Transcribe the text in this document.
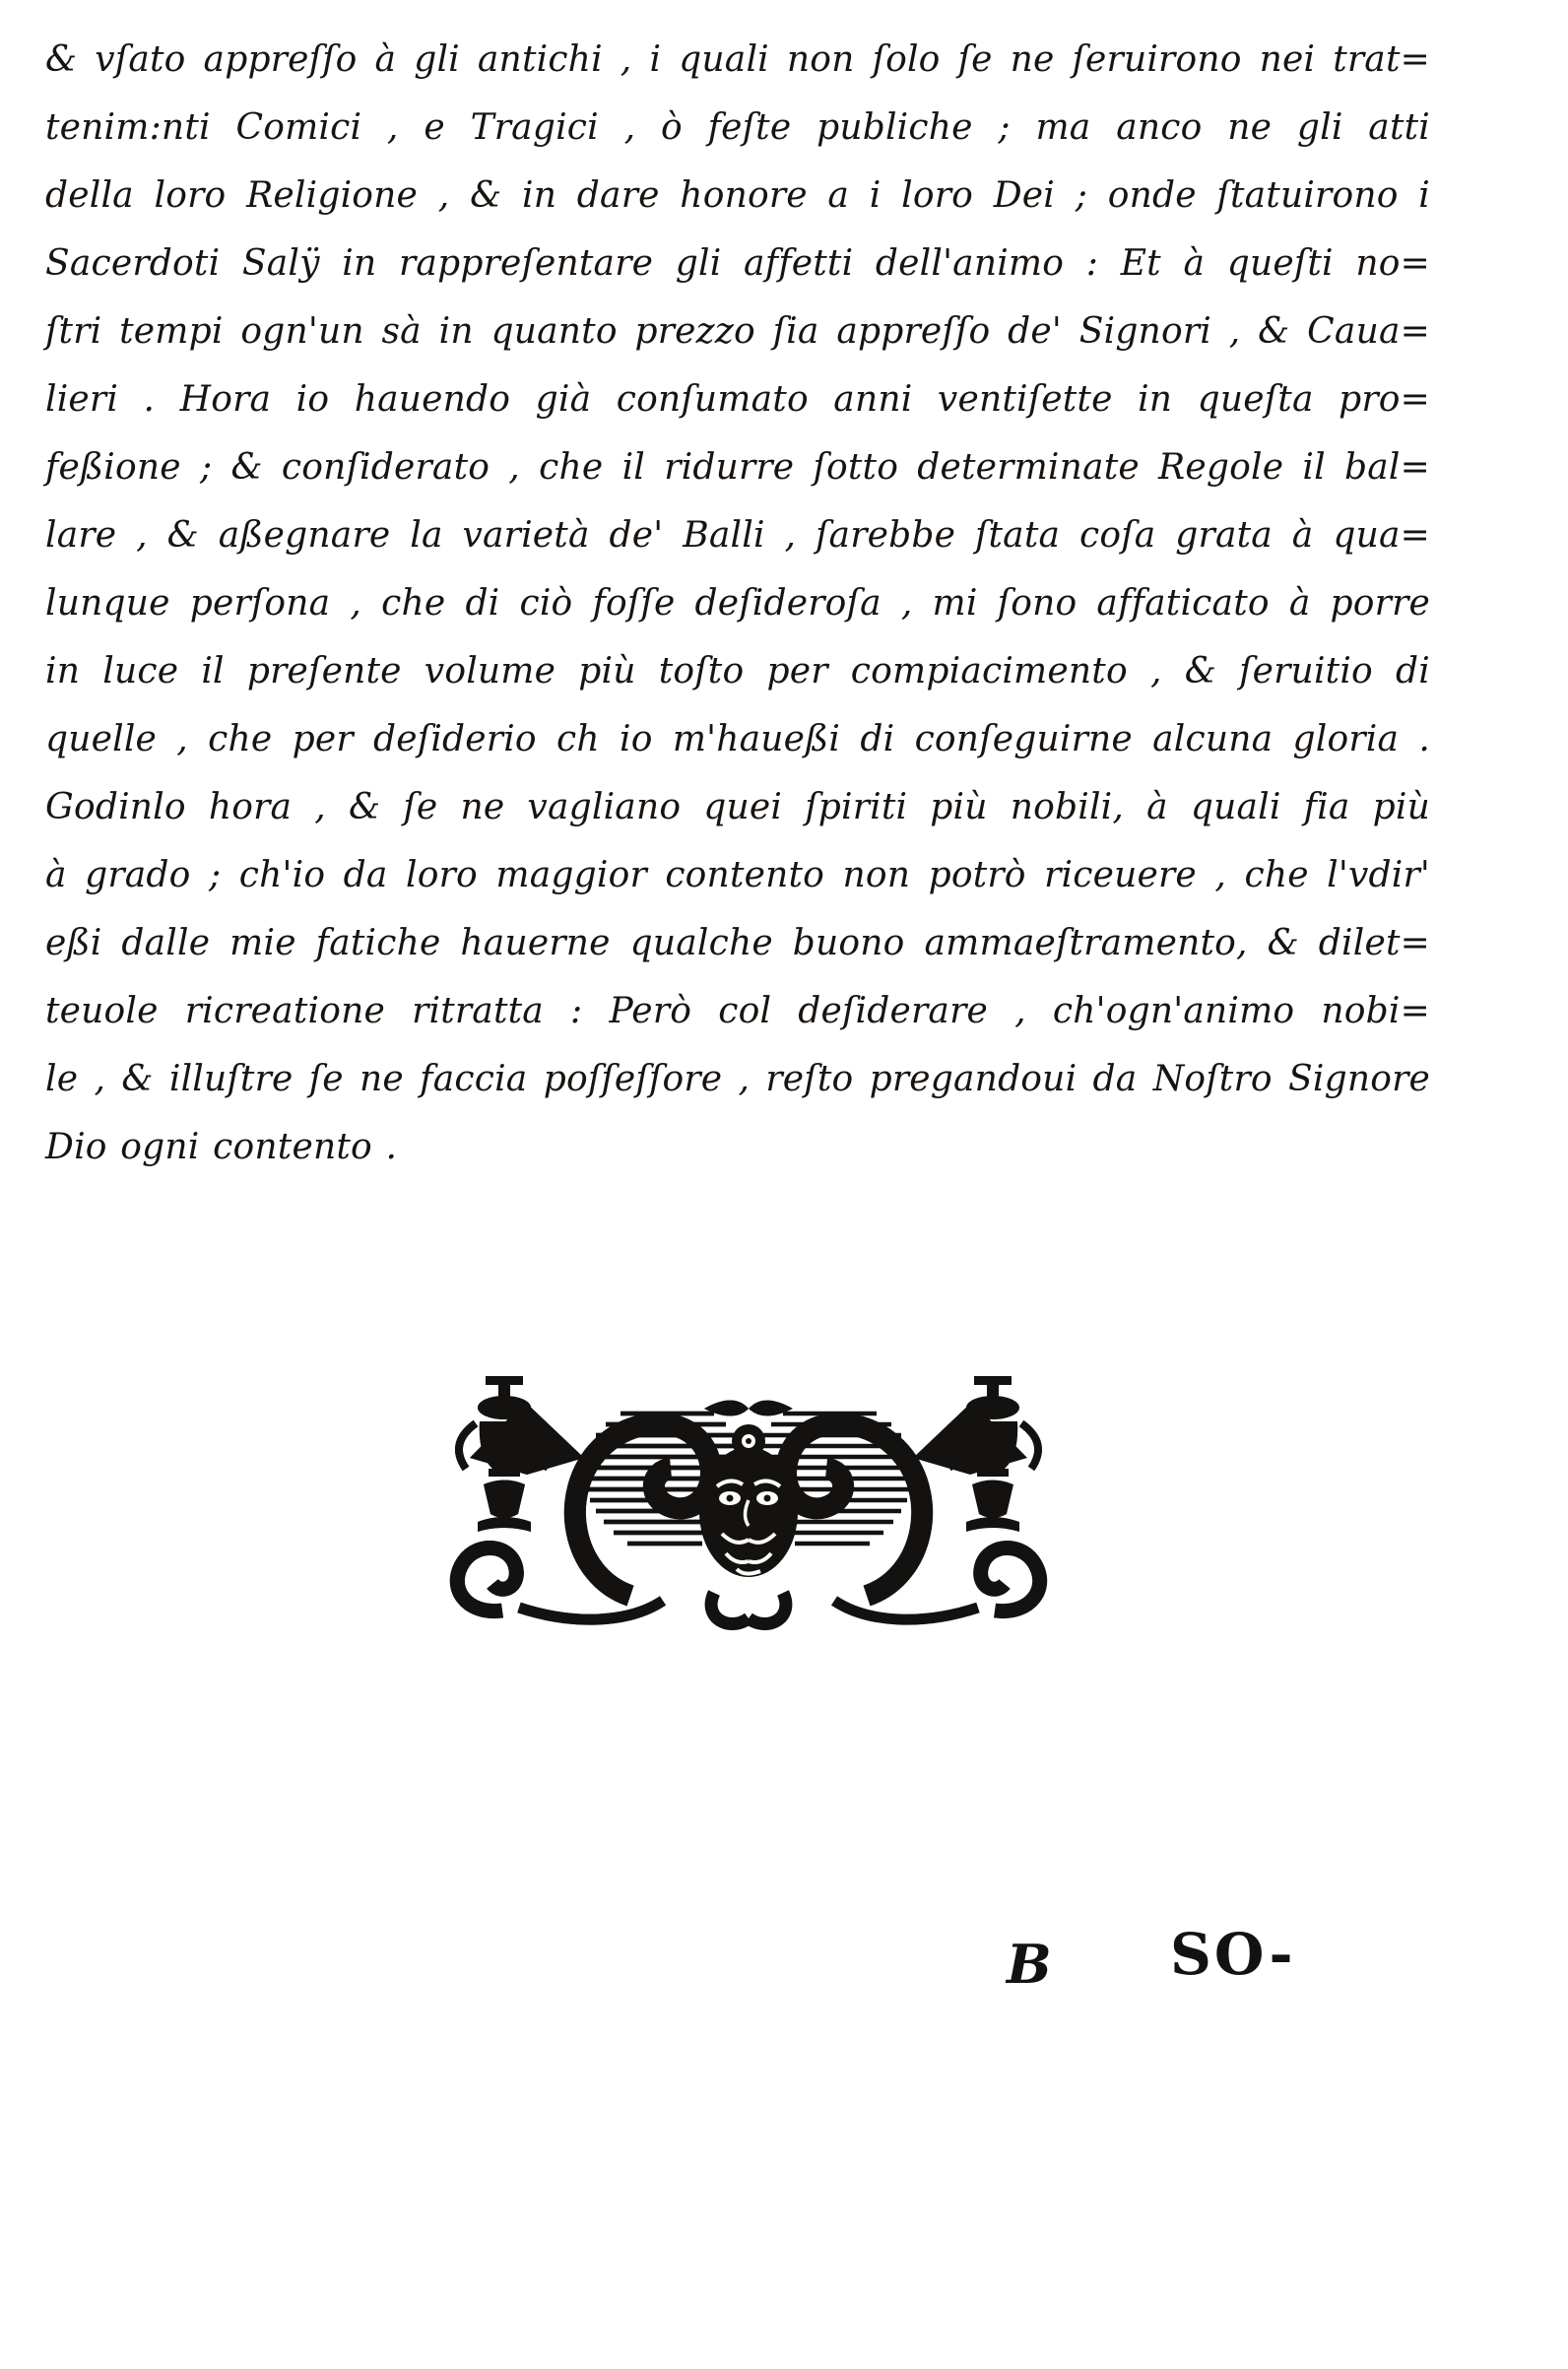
& vſato appreſſo à gli antichi , i quali non ſolo ſe ne ſeruirono nei trat=
tenim:nti Comici , e Tragici , ò feſte publiche ; ma anco ne gli atti
della loro Religione , & in dare honore a i loro Dei ; onde ſtatuirono i
Sacerdoti Salÿ in rappreſentare gli affetti dell'animo : Et à queſti no=
ſtri tempi ogn'un sà in quanto prezzo ſia appreſſo de' Signori , & Caua=
lieri . Hora io hauendo già conſumato anni ventiſette in queſta pro=
feßione ; & conſiderato , che il ridurre ſotto determinate Regole il bal=
lare , & aßegnare la varietà de' Balli , ſarebbe ſtata coſa grata à qua=
lunque perſona , che di ciò foſſe deſideroſa , mi ſono affaticato à porre
in luce il preſente volume più toſto per compiacimento , & ſeruitio di
quelle , che per deſiderio ch io m'haueßi di conſeguirne alcuna gloria .
Godinlo hora , & ſe ne vagliano quei ſpiriti più nobili, à quali fia più
à grado ; ch'io da loro maggior contento non potrò riceuere , che l'vdir'
eßi dalle mie fatiche hauerne qualche buono ammaeſtramento, & dilet=
teuole ricreatione ritratta : Però col deſiderare , ch'ogn'animo nobi=
le , & illuſtre ſe ne faccia poſſeſſore , reſto pregandoui da Noſtro Signore
Dio ogni contento .
B SO-
